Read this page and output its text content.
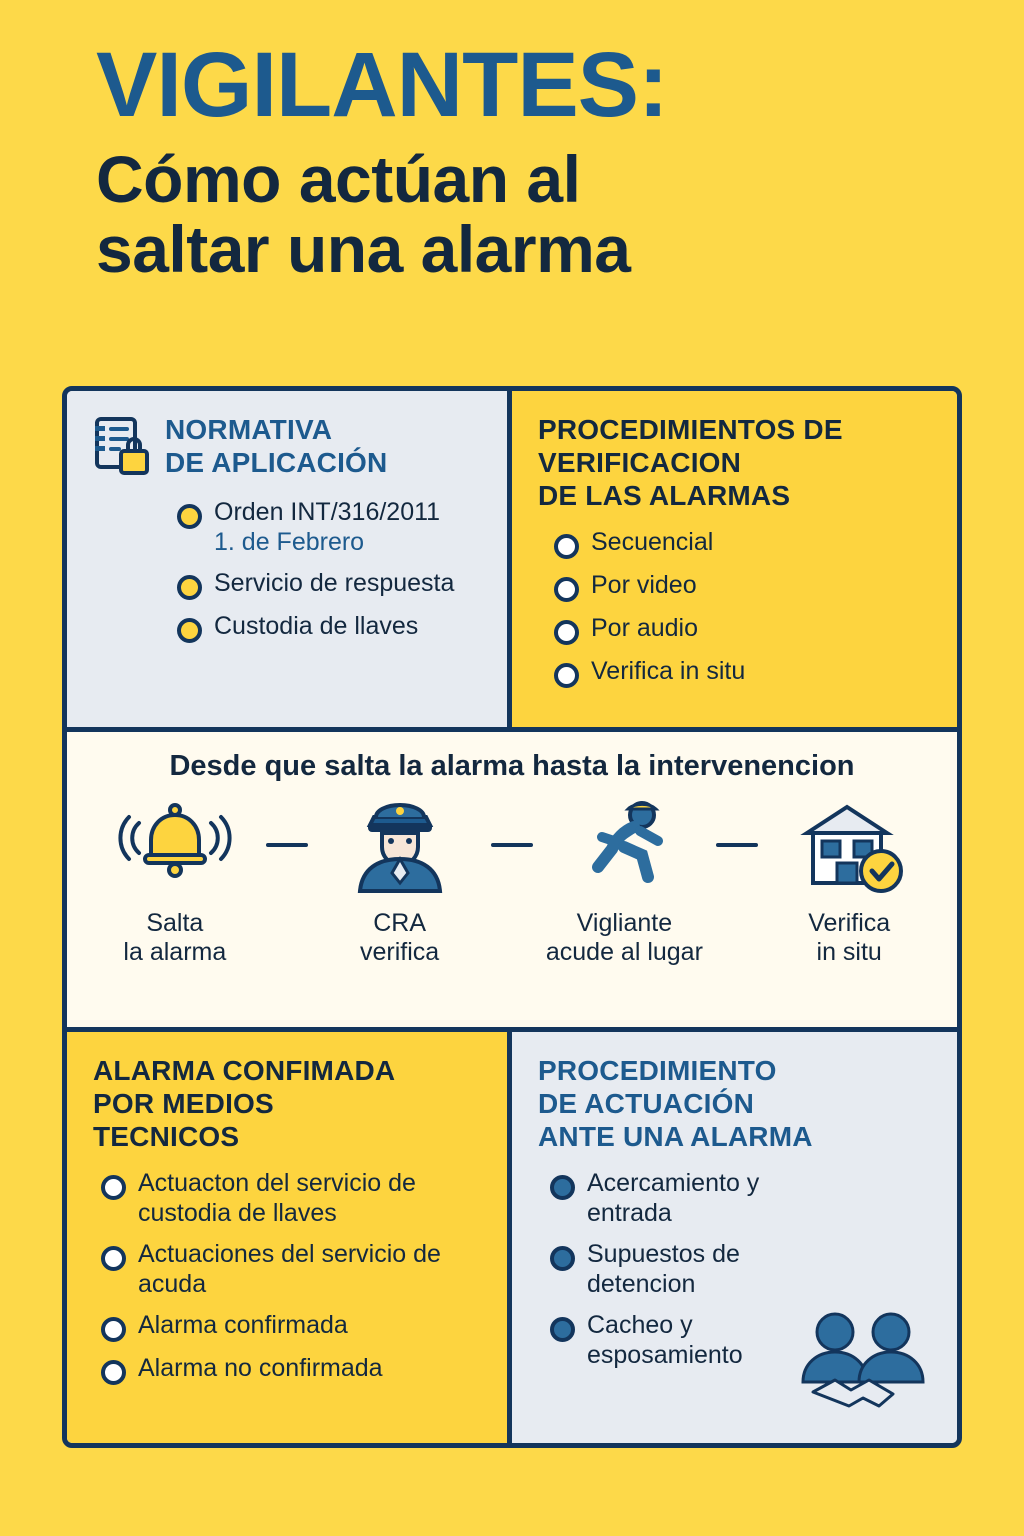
VIGILANTES:
Cómo actúan al
saltar una alarma
NORMATIVA
DE APLICACIÓN
Orden INT/316/2011
1. de Febrero
Servicio de respuesta
Custodia de llaves
PROCEDIMIENTOS DE
VERIFICACION
DE LAS ALARMAS
Secuencial
Por video
Por audio
Verifica in situ
Desde que salta la alarma hasta la intervenencion
Salta
la alarma
CRA
verifica
Vigliante
acude al lugar
Verifica
in situ
ALARMA CONFIMADA
POR MEDIOS
TECNICOS
Actuacton del servicio de custodia de llaves
Actuaciones del servicio de acuda
Alarma confirmada
Alarma no confirmada
PROCEDIMIENTO
DE ACTUACIÓN
ANTE UNA ALARMA
Acercamiento y entrada
Supuestos de detencion
Cacheo y esposamiento
